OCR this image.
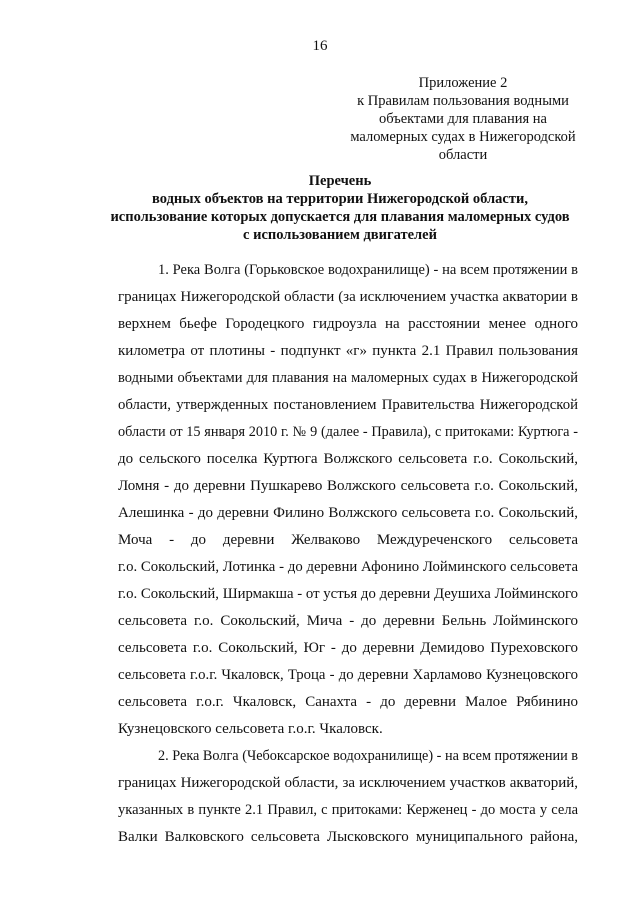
16
Приложение 2
к Правилам пользования водными
объектами для плавания на
маломерных судах в Нижегородской
области
Перечень
водных объектов на территории Нижегородской области,
использование которых допускается для плавания маломерных судов
с использованием двигателей
1. Река Волга (Горьковское водохранилище) - на всем протяжении в
границах Нижегородской области (за исключением участка акватории в
верхнем бьефе Городецкого гидроузла на расстоянии менее одного
километра от плотины - подпункт «г» пункта 2.1 Правил пользования
водными объектами для плавания на маломерных судах в Нижегородской
области, утвержденных постановлением Правительства Нижегородской
области от 15 января 2010 г. № 9 (далее - Правила), с притоками: Куртюга -
до сельского поселка Куртюга Волжского сельсовета г.о. Сокольский,
Ломня - до деревни Пушкарево Волжского сельсовета г.о. Сокольский,
Алешинка - до деревни Филино Волжского сельсовета г.о. Сокольский,
Моча - до деревни Желваково Междуреченского сельсовета
г.о. Сокольский, Лотинка - до деревни Афонино Лойминского сельсовета
г.о. Сокольский, Ширмакша - от устья до деревни Деушиха Лойминского
сельсовета г.о. Сокольский, Мича - до деревни Бельнь Лойминского
сельсовета г.о. Сокольский, Юг - до деревни Демидово Пуреховского
сельсовета г.о.г. Чкаловск, Троца - до деревни Харламово Кузнецовского
сельсовета г.о.г. Чкаловск, Санахта - до деревни Малое Рябинино
Кузнецовского сельсовета г.о.г. Чкаловск.
2. Река Волга (Чебоксарское водохранилище) - на всем протяжении в
границах Нижегородской области, за исключением участков акваторий,
указанных в пункте 2.1 Правил, с притоками: Керженец - до моста у села
Валки Валковского сельсовета Лысковского муниципального района,
